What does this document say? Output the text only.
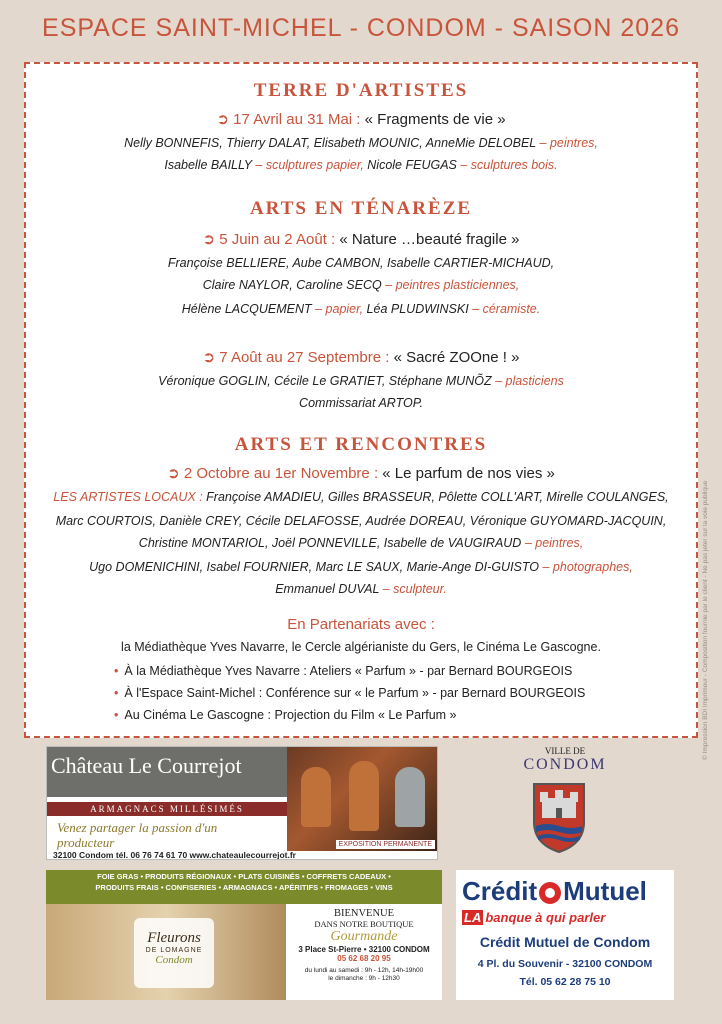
ESPACE SAINT-MICHEL - CONDOM - SAISON 2026
TERRE D'ARTISTES
➲ 17 Avril au 31 Mai : « Fragments de vie »
Nelly BONNEFIS, Thierry DALAT, Elisabeth MOUNIC, AnneMie DELOBEL – peintres,
Isabelle BAILLY – sculptures papier, Nicole FEUGAS – sculptures bois.
ARTS EN TÉNARÈZE
➲ 5 Juin au 2 Août : « Nature …beauté fragile »
Françoise BELLIERE, Aube CAMBON, Isabelle CARTIER-MICHAUD,
Claire NAYLOR, Caroline SECQ – peintres plasticiennes,
Hélène LACQUEMENT – papier, Léa PLUDWINSKI – céramiste.
➲ 7 Août au 27 Septembre : « Sacré ZOOne ! »
Véronique GOGLIN, Cécile Le GRATIET, Stéphane MUNÕZ – plasticiens
Commissariat ARTOP.
ARTS ET RENCONTRES
➲ 2 Octobre au 1er Novembre : « Le parfum de nos vies »
LES ARTISTES LOCAUX : Françoise AMADIEU, Gilles BRASSEUR, Pôlette COLL'ART, Mirelle COULANGES,
Marc COURTOIS, Danièle CREY, Cécile DELAFOSSE, Audrée DOREAU, Véronique GUYOMARD-JACQUIN,
Christine MONTARIOL, Joël PONNEVILLE, Isabelle de VAUGIRAUD – peintres,
Ugo DOMENICHINI, Isabel FOURNIER, Marc LE SAUX, Marie-Ange DI-GUISTO – photographes,
Emmanuel DUVAL – sculpteur.
En Partenariats avec :
la Médiathèque Yves Navarre, le Cercle algérianiste du Gers, le Cinéma Le Gascogne.
• À la Médiathèque Yves Navarre : Ateliers « Parfum » - par Bernard BOURGEOIS
• À l'Espace Saint-Michel : Conférence sur « le Parfum » - par Bernard BOURGEOIS
• Au Cinéma Le Gascogne : Projection du Film « Le Parfum »	© Impression BDI Imprimeur - Composition fournie par le client - Ne pas jeter sur la voie publique
Château Le Courrejot
ARMAGNACS MILLÉSIMÉS
Venez partager la passion d'un producteur	EXPOSITION PERMANENTE
32100 Condom tél. 06 76 74 61 70 www.chateaulecourrejot.fr
VILLE DE
CONDOM
FOIE GRAS • PRODUITS RÉGIONAUX • PLATS CUISINÉS • COFFRETS CADEAUX •
PRODUITS FRAIS • CONFISERIES • ARMAGNACS • APÉRITIFS • FROMAGES • VINS
Fleurons
DE LOMAGNE
Condom
BIENVENUE
DANS NOTRE BOUTIQUE
Gourmande
3 Place St-Pierre • 32100 CONDOM
05 62 68 20 95
du lundi au samedi : 9h - 12h, 14h-19h00
le dimanche : 9h - 12h30
Crédit Mutuel
LA banque à qui parler
Crédit Mutuel de Condom
4 Pl. du Souvenir - 32100 CONDOM
Tél. 05 62 28 75 10
